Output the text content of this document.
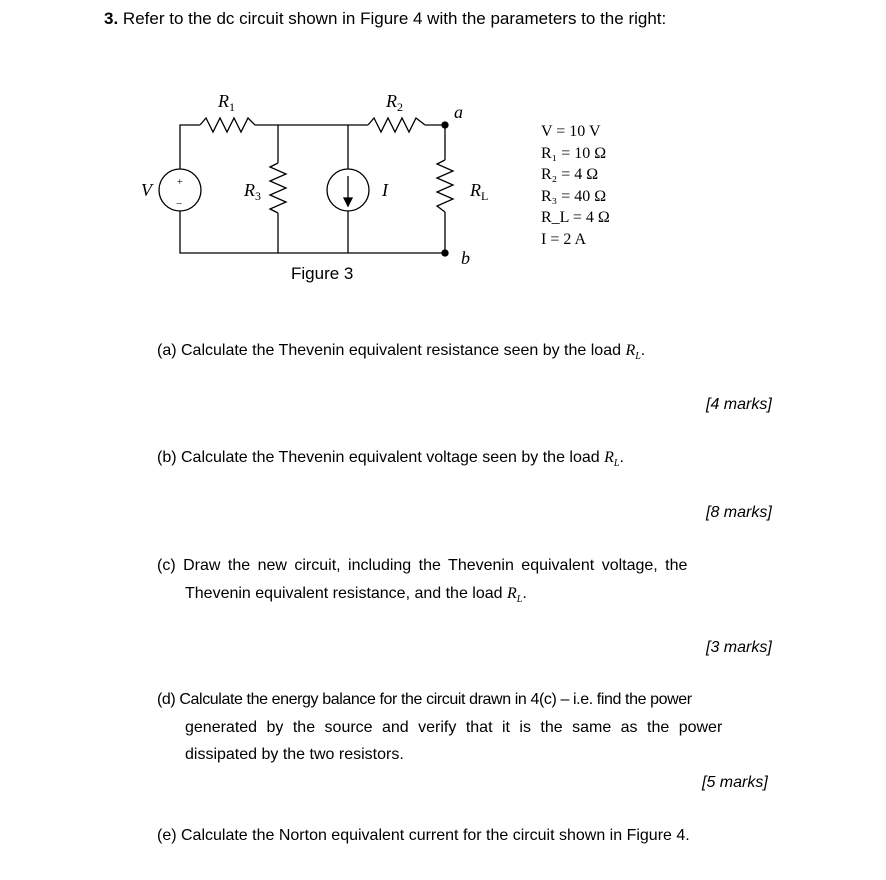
3. Refer to the dc circuit shown in Figure 4 with the parameters to the right:
$R_1$	$R_2$
$R_3$	$R_L$
V	I
a
b
+
−
Figure 3
V = 10 V
R₁ = 10 Ω
R₂ = 4 Ω
R₃ = 40 Ω
R_L = 4 Ω
I = 2 A
(a) Calculate the Thevenin equivalent resistance seen by the load $R_L$.
[4 marks]
(b) Calculate the Thevenin equivalent voltage seen by the load $R_L$.
[8 marks]
(c) Draw the new circuit, including the Thevenin equivalent voltage, the
Thevenin equivalent resistance, and the load $R_L$.
[3 marks]
(d) Calculate the energy balance for the circuit drawn in 4(c) – i.e. find the power
generated by the source and verify that it is the same as the power
dissipated by the two resistors.
[5 marks]
(e) Calculate the Norton equivalent current for the circuit shown in Figure 4.
